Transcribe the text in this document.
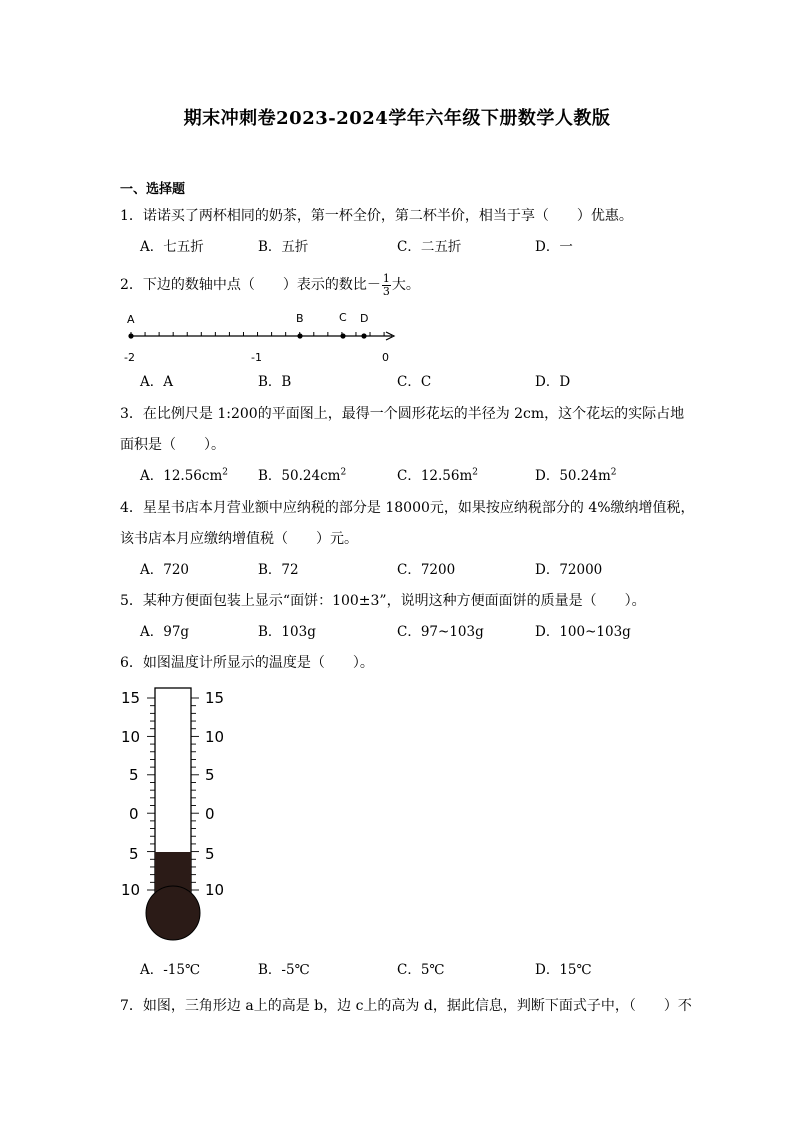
期末冲刺卷2023-2024学年六年级下册数学人教版
一、选择题
1．诺诺买了两杯相同的奶茶，第一杯全价，第二杯半价，相当于享（　　）优惠。
A．七五折	B．五折	C．二五折	D．一
2．下边的数轴中点（　　）表示的数比－ $\frac{1}{3}$ 大。
A	B	C D
-2	-1	0
A．A	B．B	C．C	D．D
3．在比例尺是 1:200的平面图上，最得一个圆形花坛的半径为 2cm，这个花坛的实际占地
面积是（　　）。
A．$12.56cm^2$ B．$50.24cm^2$	C．$12.56m^2$	D．$50.24m^2$
4．星星书店本月营业额中应纳税的部分是 18000元，如果按应纳税部分的 4%缴纳增值税，
该书店本月应缴纳增值税（　　）元。
A．720	B．72	C．7200	D．72000
5．某种方便面包装上显示“面饼：100±3”，说明这种方便面面饼的质量是（　　）。
A．97g	B．103g	C．97~103g	D．100~103g
6．如图温度计所显示的温度是（　　）。
15
10
5
0
5
10
15
10
5
0
5
10
A．-15℃	B．-5℃	C．5℃	D．15℃
7．如图，三角形边 a上的高是 b，边 c上的高为 d，据此信息，判断下面式子中，（　　）不
